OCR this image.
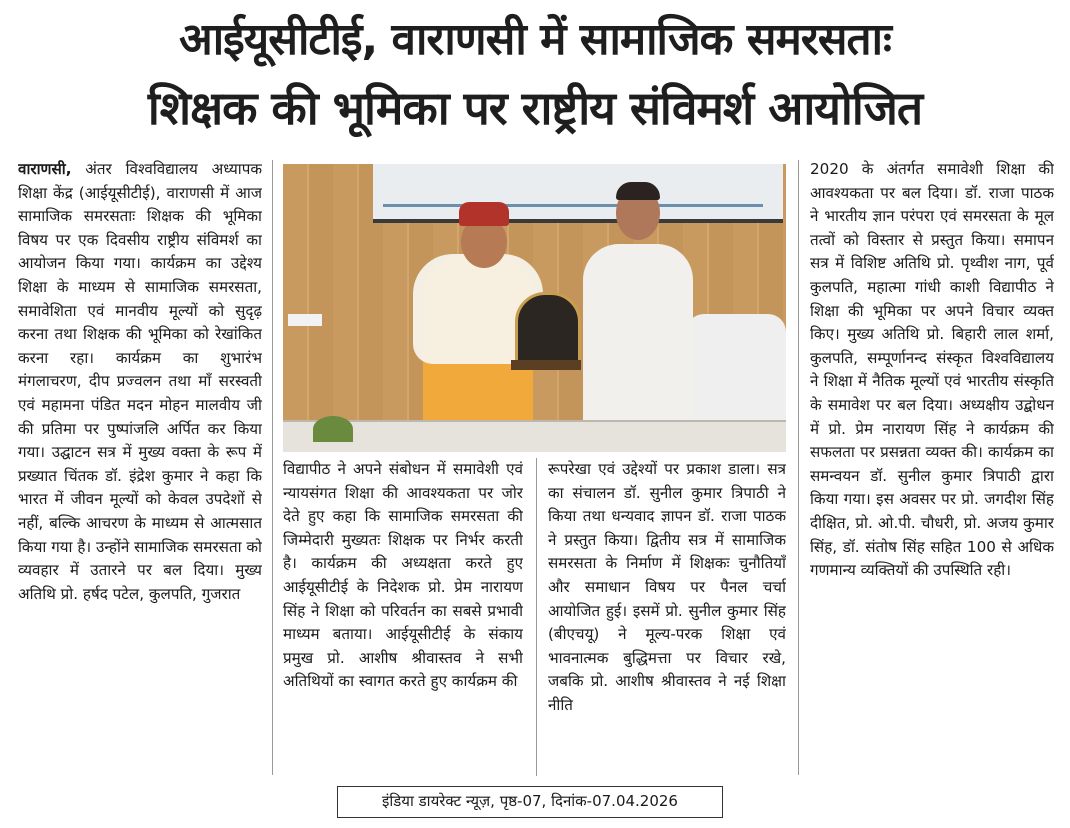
आईयूसीटीई, वाराणसी में सामाजिक समरसताः
शिक्षक की भूमिका पर राष्ट्रीय संविमर्श आयोजित

वाराणसी, अंतर विश्वविद्यालय अध्यापक शिक्षा केंद्र (आईयूसीटीई), वाराणसी में आज सामाजिक समरसताः शिक्षक की भूमिका विषय पर एक दिवसीय राष्ट्रीय संविमर्श का आयोजन किया गया। कार्यक्रम का उद्देश्य शिक्षा के माध्यम से सामाजिक समरसता, समावेशिता एवं मानवीय मूल्यों को सुदृढ़ करना तथा शिक्षक की भूमिका को रेखांकित करना रहा। कार्यक्रम का शुभारंभ मंगलाचरण, दीप प्रज्वलन तथा माँ सरस्वती एवं महामना पंडित मदन मोहन मालवीय जी की प्रतिमा पर पुष्पांजलि अर्पित कर किया गया। उद्घाटन सत्र में मुख्य वक्ता के रूप में प्रख्यात चिंतक डॉ. इंद्रेश कुमार ने कहा कि भारत में जीवन मूल्यों को केवल उपदेशों से नहीं, बल्कि आचरण के माध्यम से आत्मसात किया गया है। उन्होंने सामाजिक समरसता को व्यवहार में उतारने पर बल दिया। मुख्य अतिथि प्रो. हर्षद पटेल, कुलपति, गुजरात

विद्यापीठ ने अपने संबोधन में समावेशी एवं न्यायसंगत शिक्षा की आवश्यकता पर जोर देते हुए कहा कि सामाजिक समरसता की जिम्मेदारी मुख्यतः शिक्षक पर निर्भर करती है। कार्यक्रम की अध्यक्षता करते हुए आईयूसीटीई के निदेशक प्रो. प्रेम नारायण सिंह ने शिक्षा को परिवर्तन का सबसे प्रभावी माध्यम बताया। आईयूसीटीई के संकाय प्रमुख प्रो. आशीष श्रीवास्तव ने सभी अतिथियों का स्वागत करते हुए कार्यक्रम की

रूपरेखा एवं उद्देश्यों पर प्रकाश डाला। सत्र का संचालन डॉ. सुनील कुमार त्रिपाठी ने किया तथा धन्यवाद ज्ञापन डॉ. राजा पाठक ने प्रस्तुत किया। द्वितीय सत्र में सामाजिक समरसता के निर्माण में शिक्षकः चुनौतियाँ और समाधान विषय पर पैनल चर्चा आयोजित हुई। इसमें प्रो. सुनील कुमार सिंह (बीएचयू) ने मूल्य-परक शिक्षा एवं भावनात्मक बुद्धिमत्ता पर विचार रखे, जबकि प्रो. आशीष श्रीवास्तव ने नई शिक्षा नीति

2020 के अंतर्गत समावेशी शिक्षा की आवश्यकता पर बल दिया। डॉ. राजा पाठक ने भारतीय ज्ञान परंपरा एवं समरसता के मूल तत्वों को विस्तार से प्रस्तुत किया। समापन सत्र में विशिष्ट अतिथि प्रो. पृथ्वीश नाग, पूर्व कुलपति, महात्मा गांधी काशी विद्यापीठ ने शिक्षा की भूमिका पर अपने विचार व्यक्त किए। मुख्य अतिथि प्रो. बिहारी लाल शर्मा, कुलपति, सम्पूर्णानन्द संस्कृत विश्वविद्यालय ने शिक्षा में नैतिक मूल्यों एवं भारतीय संस्कृति के समावेश पर बल दिया। अध्यक्षीय उद्बोधन में प्रो. प्रेम नारायण सिंह ने कार्यक्रम की सफलता पर प्रसन्नता व्यक्त की। कार्यक्रम का समन्वयन डॉ. सुनील कुमार त्रिपाठी द्वारा किया गया। इस अवसर पर प्रो. जगदीश सिंह दीक्षित, प्रो. ओ.पी. चौधरी, प्रो. अजय कुमार सिंह, डॉ. संतोष सिंह सहित 100 से अधिक गणमान्य व्यक्तियों की उपस्थिति रही।

इंडिया डायरेक्ट न्यूज़, पृष्ठ-07, दिनांक-07.04.2026
